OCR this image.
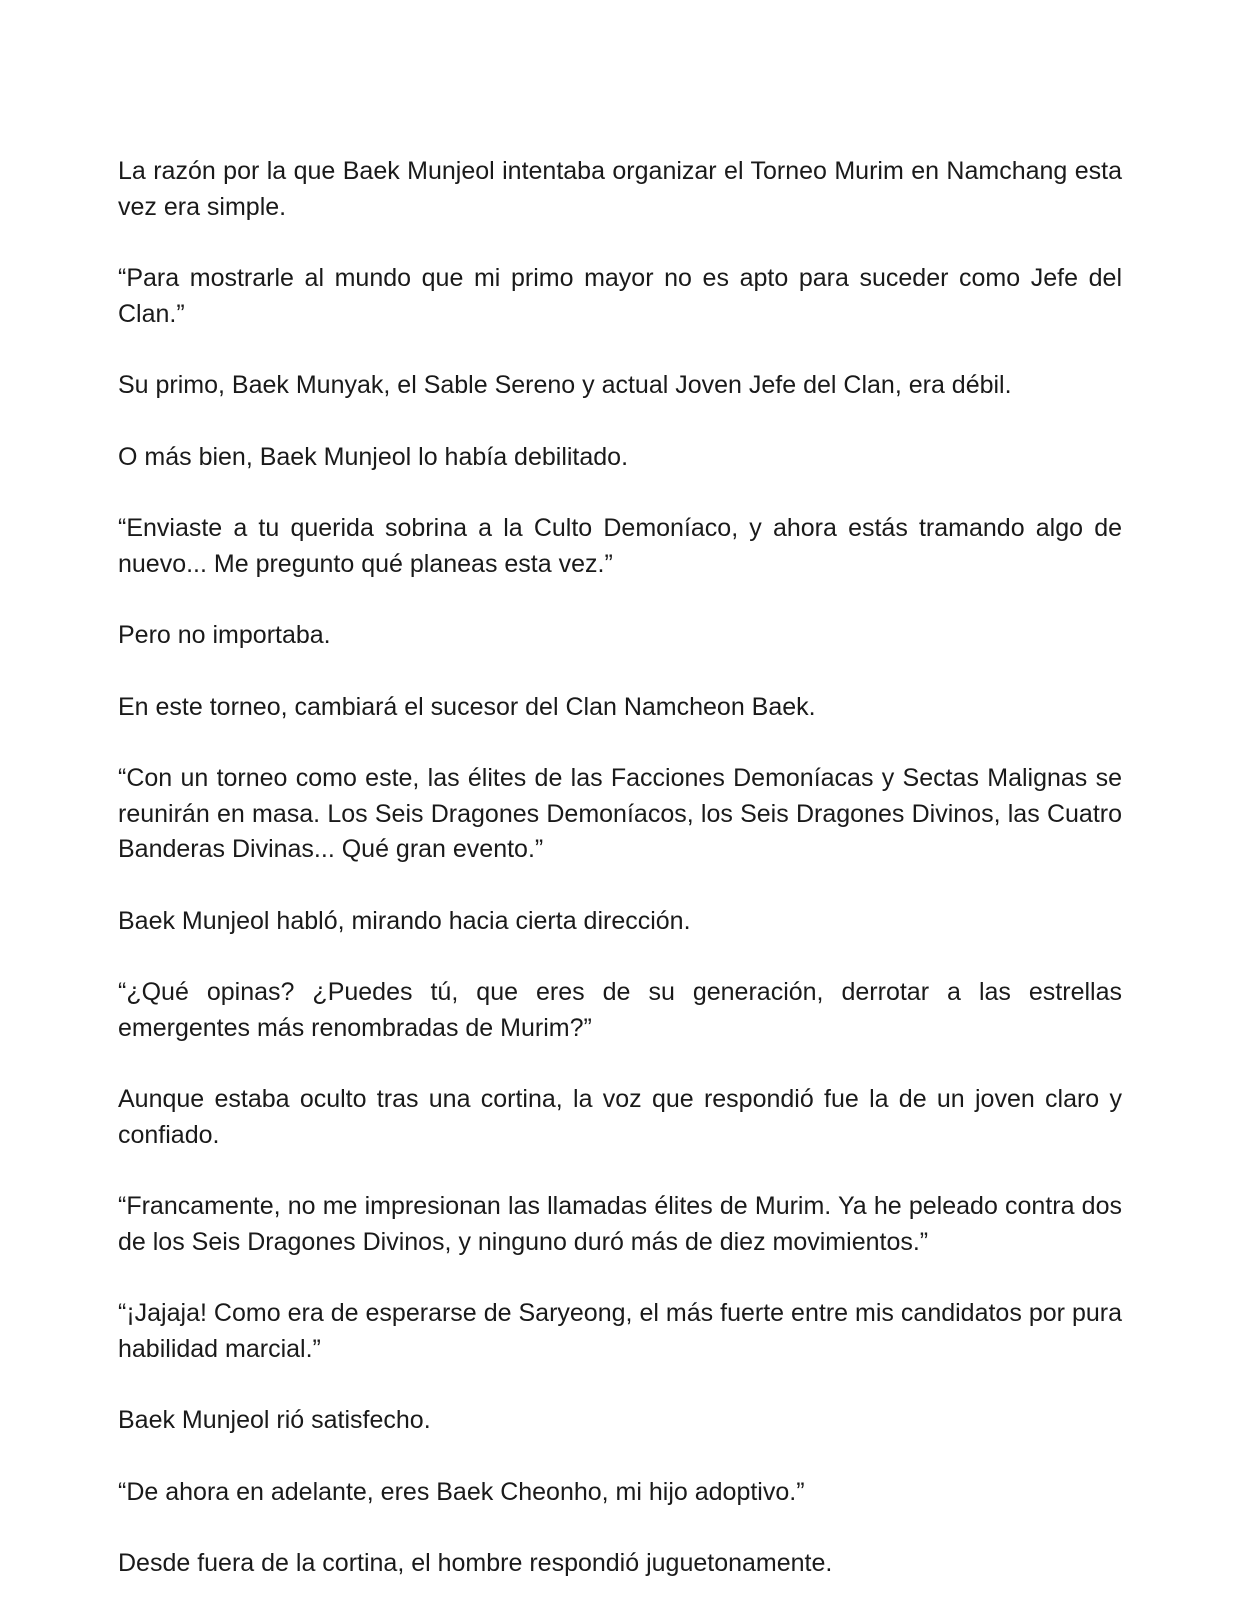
La razón por la que Baek Munjeol intentaba organizar el Torneo Murim en Namchang esta vez era simple.

“Para mostrarle al mundo que mi primo mayor no es apto para suceder como Jefe del Clan.”

Su primo, Baek Munyak, el Sable Sereno y actual Joven Jefe del Clan, era débil.

O más bien, Baek Munjeol lo había debilitado.

“Enviaste a tu querida sobrina a la Culto Demoníaco, y ahora estás tramando algo de nuevo... Me pregunto qué planeas esta vez.”

Pero no importaba.

En este torneo, cambiará el sucesor del Clan Namcheon Baek.

“Con un torneo como este, las élites de las Facciones Demoníacas y Sectas Malignas se reunirán en masa. Los Seis Dragones Demoníacos, los Seis Dragones Divinos, las Cuatro Banderas Divinas... Qué gran evento.”

Baek Munjeol habló, mirando hacia cierta dirección.

“¿Qué opinas? ¿Puedes tú, que eres de su generación, derrotar a las estrellas emergentes más renombradas de Murim?”

Aunque estaba oculto tras una cortina, la voz que respondió fue la de un joven claro y confiado.

“Francamente, no me impresionan las llamadas élites de Murim. Ya he peleado contra dos de los Seis Dragones Divinos, y ninguno duró más de diez movimientos.”

“¡Jajaja! Como era de esperarse de Saryeong, el más fuerte entre mis candidatos por pura habilidad marcial.”

Baek Munjeol rió satisfecho.

“De ahora en adelante, eres Baek Cheonho, mi hijo adoptivo.”

Desde fuera de la cortina, el hombre respondió juguetonamente.
